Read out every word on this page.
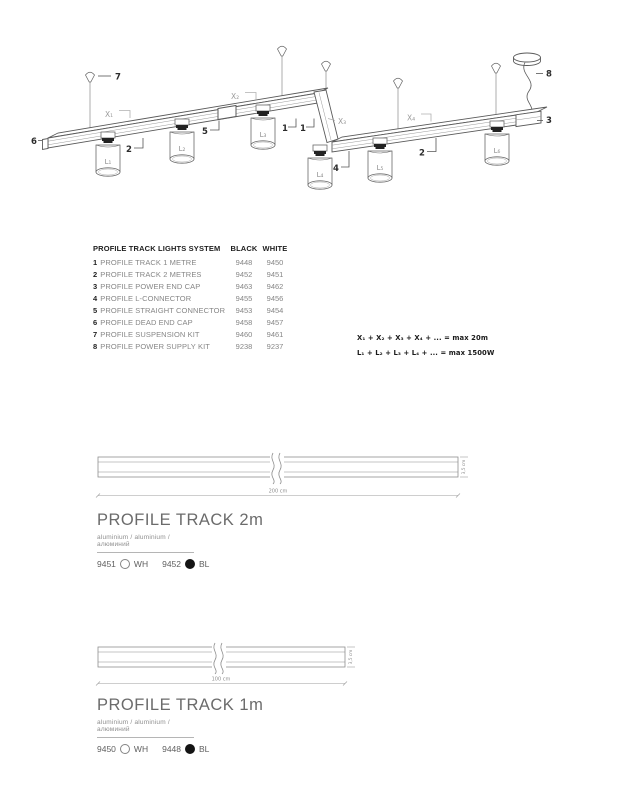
L₁
L₂
L₃
L₄
L₅
L₆
6
7
2
5	1 1
4
2
3
8
X₁
X₂
X₃	X₄
PROFILE TRACK LIGHTS SYSTEM	BLACK WHITE
1 PROFILE TRACK 1 METRE	9448	9450
2 PROFILE TRACK 2 METRES	9452	9451
3 PROFILE POWER END CAP	9463	9462
4 PROFILE L-CONNECTOR	9455	9456
5 PROFILE STRAIGHT CONNECTOR	9453	9454
6 PROFILE DEAD END CAP	9458	9457
7 PROFILE SUSPENSION KIT	9460	9461
8 PROFILE POWER SUPPLY KIT	9238	9237
X₁ + X₂ + X₃ + X₄ + ... = max 20m
L₁ + L₂ + L₃ + L₄ + ... = max 1500W
3,5 cm
200 cm
PROFILE TRACK 2m
aluminium / aluminium / алюминий
9451 WH 9452 BL
3,5 cm
100 cm
PROFILE TRACK 1m
aluminium / aluminium / алюминий
9450 WH 9448 BL
